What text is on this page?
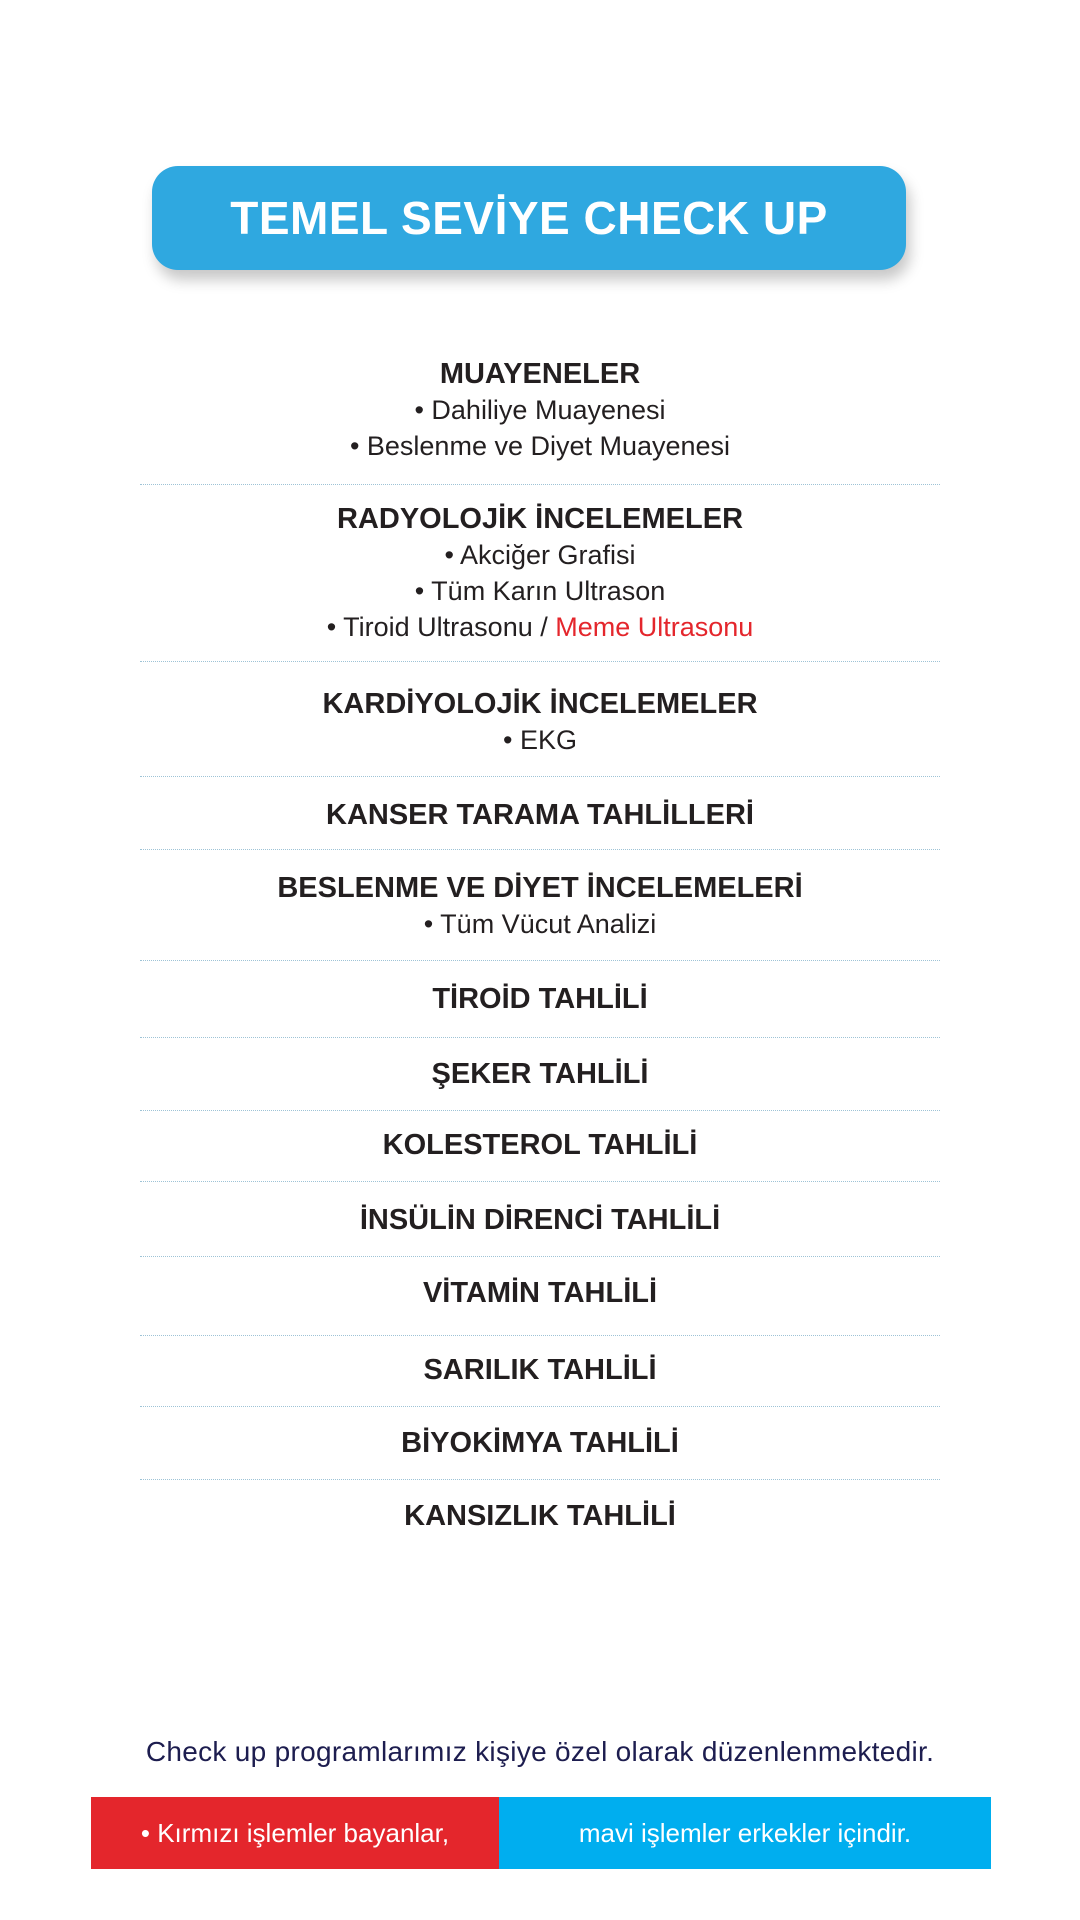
TEMEL SEVİYE CHECK UP
MUAYENELER
• Dahiliye Muayenesi
• Beslenme ve Diyet Muayenesi
RADYOLOJİK İNCELEMELER
• Akciğer Grafisi
• Tüm Karın Ultrason
• Tiroid Ultrasonu / Meme Ultrasonu
KARDİYOLOJİK İNCELEMELER
• EKG
KANSER TARAMA TAHLİLLERİ
BESLENME VE DİYET İNCELEMELERİ
• Tüm Vücut Analizi
TİROİD TAHLİLİ
ŞEKER TAHLİLİ
KOLESTEROL TAHLİLİ
İNSÜLİN DİRENCİ TAHLİLİ
VİTAMİN TAHLİLİ
SARILIK TAHLİLİ
BİYOKİMYA TAHLİLİ
KANSIZLIK TAHLİLİ
Check up programlarımız kişiye özel olarak düzenlenmektedir.
• Kırmızı işlemler bayanlar,	mavi işlemler erkekler içindir.
